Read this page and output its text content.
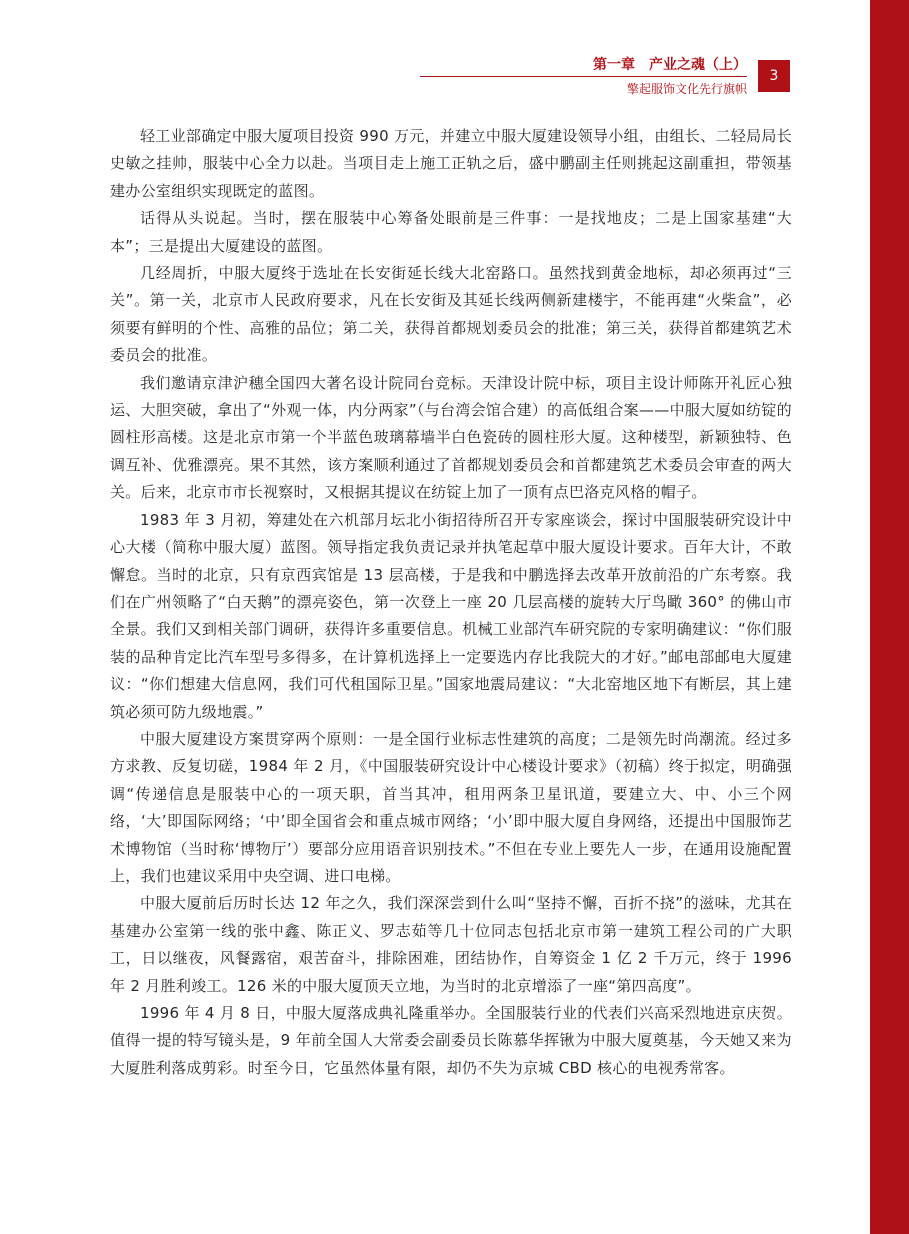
第一章　产业之魂（上）
擎起服饰文化先行旗帜
3

轻工业部确定中服大厦项目投资 990 万元，并建立中服大厦建设领导小组，由组长、二轻局局长史敏之挂帅，服装中心全力以赴。当项目走上施工正轨之后，盛中鹏副主任则挑起这副重担，带领基建办公室组织实现既定的蓝图。

话得从头说起。当时，摆在服装中心筹备处眼前是三件事：一是找地皮；二是上国家基建“大本”；三是提出大厦建设的蓝图。

几经周折，中服大厦终于选址在长安街延长线大北窑路口。虽然找到黄金地标，却必须再过“三关”。第一关，北京市人民政府要求，凡在长安街及其延长线两侧新建楼宇，不能再建“火柴盒”，必须要有鲜明的个性、高雅的品位；第二关，获得首都规划委员会的批准；第三关，获得首都建筑艺术委员会的批准。

我们邀请京津沪穗全国四大著名设计院同台竞标。天津设计院中标，项目主设计师陈开礼匠心独运、大胆突破，拿出了“外观一体，内分两家”（与台湾会馆合建）的高低组合案——中服大厦如纺锭的圆柱形高楼。这是北京市第一个半蓝色玻璃幕墙半白色瓷砖的圆柱形大厦。这种楼型，新颖独特、色调互补、优雅漂亮。果不其然，该方案顺利通过了首都规划委员会和首都建筑艺术委员会审查的两大关。后来，北京市市长视察时，又根据其提议在纺锭上加了一顶有点巴洛克风格的帽子。

1983 年 3 月初，筹建处在六机部月坛北小街招待所召开专家座谈会，探讨中国服装研究设计中心大楼（简称中服大厦）蓝图。领导指定我负责记录并执笔起草中服大厦设计要求。百年大计，不敢懈怠。当时的北京，只有京西宾馆是 13 层高楼，于是我和中鹏选择去改革开放前沿的广东考察。我们在广州领略了“白天鹅”的漂亮姿色，第一次登上一座 20 几层高楼的旋转大厅鸟瞰 360° 的佛山市全景。我们又到相关部门调研，获得许多重要信息。机械工业部汽车研究院的专家明确建议：“你们服装的品种肯定比汽车型号多得多，在计算机选择上一定要选内存比我院大的才好。”邮电部邮电大厦建议：“你们想建大信息网，我们可代租国际卫星。”国家地震局建议：“大北窑地区地下有断层，其上建筑必须可防九级地震。”

中服大厦建设方案贯穿两个原则：一是全国行业标志性建筑的高度；二是领先时尚潮流。经过多方求教、反复切磋，1984 年 2 月，《中国服装研究设计中心楼设计要求》（初稿）终于拟定，明确强调“传递信息是服装中心的一项天职，首当其冲，租用两条卫星讯道，要建立大、中、小三个网络，‘大’即国际网络；‘中’即全国省会和重点城市网络；‘小’即中服大厦自身网络，还提出中国服饰艺术博物馆（当时称‘博物厅’）要部分应用语音识别技术。”不但在专业上要先人一步，在通用设施配置上，我们也建议采用中央空调、进口电梯。

中服大厦前后历时长达 12 年之久，我们深深尝到什么叫“坚持不懈，百折不挠”的滋味，尤其在基建办公室第一线的张中鑫、陈正义、罗志茹等几十位同志包括北京市第一建筑工程公司的广大职工，日以继夜，风餐露宿，艰苦奋斗，排除困难，团结协作，自筹资金 1 亿 2 千万元，终于 1996 年 2 月胜利竣工。126 米的中服大厦顶天立地，为当时的北京增添了一座“第四高度”。

1996 年 4 月 8 日，中服大厦落成典礼隆重举办。全国服装行业的代表们兴高采烈地进京庆贺。值得一提的特写镜头是，9 年前全国人大常委会副委员长陈慕华挥锹为中服大厦奠基，今天她又来为大厦胜利落成剪彩。时至今日，它虽然体量有限，却仍不失为京城 CBD 核心的电视秀常客。
